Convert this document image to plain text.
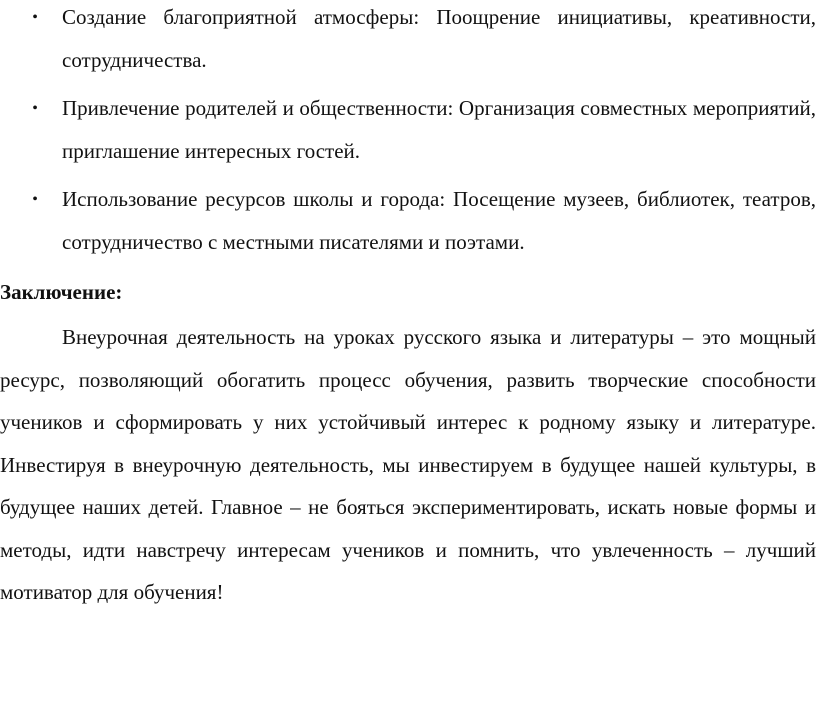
• Создание благоприятной атмосферы: Поощрение инициативы, креативности, сотрудничества.
• Привлечение родителей и общественности: Организация совместных мероприятий, приглашение интересных гостей.
• Использование ресурсов школы и города: Посещение музеев, библиотек, театров, сотрудничество с местными писателями и поэтами.

Заключение:

Внеурочная деятельность на уроках русского языка и литературы – это мощный ресурс, позволяющий обогатить процесс обучения, развить творческие способности учеников и сформировать у них устойчивый интерес к родному языку и литературе. Инвестируя в внеурочную деятельность, мы инвестируем в будущее нашей культуры, в будущее наших детей. Главное – не бояться экспериментировать, искать новые формы и методы, идти навстречу интересам учеников и помнить, что увлеченность – лучший мотиватор для обучения!
